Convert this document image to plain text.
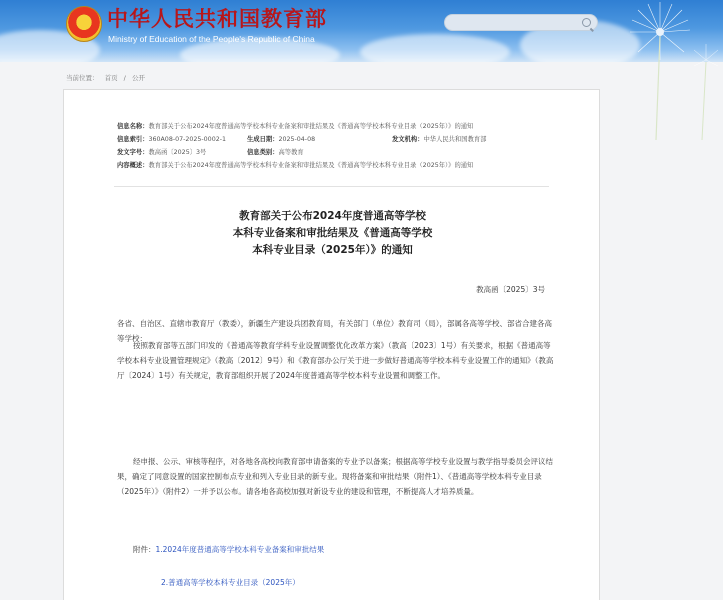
★ 中华人民共和国教育部
Ministry of Education of the People's Republic of China
当前位置： 首页 / 公开
信息名称：教育部关于公布2024年度普通高等学校本科专业备案和审批结果及《普通高等学校本科专业目录（2025年）》的通知
信息索引：360A08-07-2025-0002-1	生成日期：2025-04-08	发文机构：中华人民共和国教育部
发文字号：教高函〔2025〕3号	信息类别：高等教育
内容概述：教育部关于公布2024年度普通高等学校本科专业备案和审批结果及《普通高等学校本科专业目录（2025年）》的通知
教育部关于公布2024年度普通高等学校
本科专业备案和审批结果及《普通高等学校
本科专业目录（2025年）》的通知
教高函〔2025〕3号

各省、自治区、直辖市教育厅（教委），新疆生产建设兵团教育局，有关部门（单位）教育司（局），部属各高等学校、部省合建各高等学校：

按照教育部等五部门印发的《普通高等教育学科专业设置调整优化改革方案》（教高〔2023〕1号）有关要求，根据《普通高等学校本科专业设置管理规定》（教高〔2012〕9号）和《教育部办公厅关于进一步做好普通高等学校本科专业设置工作的通知》（教高厅〔2024〕1号）有关规定，教育部组织开展了2024年度普通高等学校本科专业设置和调整工作。

经申报、公示、审核等程序，对各地各高校向教育部申请备案的专业予以备案；根据高等学校专业设置与教学指导委员会评议结果，确定了同意设置的国家控制布点专业和列入专业目录的新专业。现将备案和审批结果（附件1）、《普通高等学校本科专业目录（2025年）》（附件2）一并予以公布。请各地各高校加强对新设专业的建设和管理，不断提高人才培养质量。

附件：1.2024年度普通高等学校本科专业备案和审批结果
2.普通高等学校本科专业目录（2025年）
